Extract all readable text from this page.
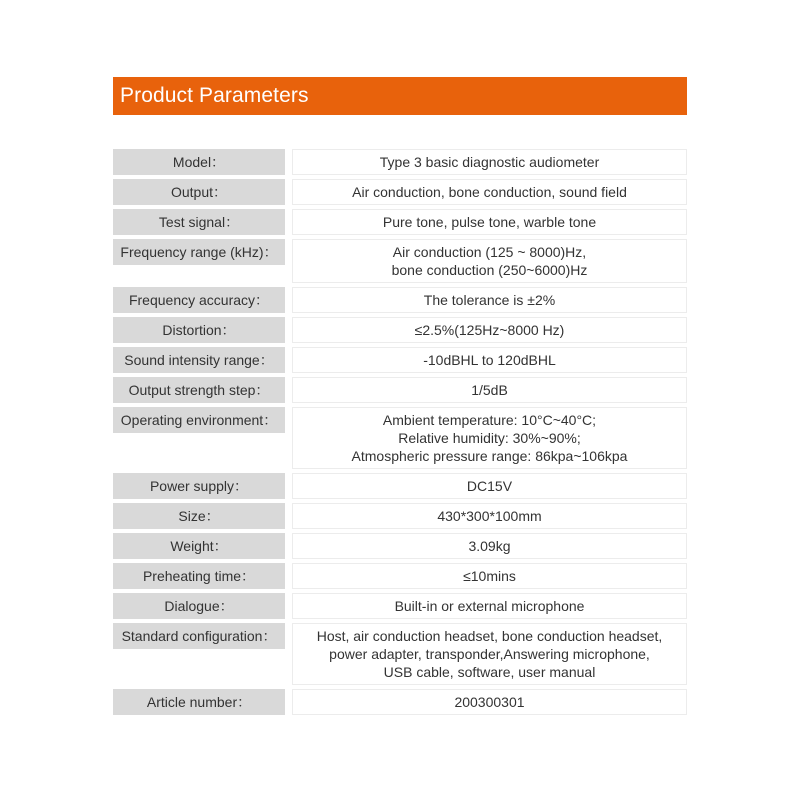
Product Parameters
Model：	Type 3 basic diagnostic audiometer
Output：	Air conduction, bone conduction, sound field
Test signal：	Pure tone, pulse tone, warble tone
Frequency range (kHz)：	Air conduction (125 ~ 8000)Hz,
bone conduction (250~6000)Hz
Frequency accuracy：	The tolerance is ±2%
Distortion：	≤2.5%(125Hz~8000 Hz)
Sound intensity range：	-10dBHL to 120dBHL
Output strength step：	1/5dB
Operating environment：	Ambient temperature: 10°C~40°C;
Relative humidity: 30%~90%;
Atmospheric pressure range: 86kpa~106kpa
Power supply：	DC15V
Size：	430*300*100mm
Weight：	3.09kg
Preheating time：	≤10mins
Dialogue：	Built-in or external microphone
Standard configuration：	Host, air conduction headset, bone conduction headset,
power adapter, transponder,Answering microphone,
USB cable, software, user manual
Article number：	200300301
